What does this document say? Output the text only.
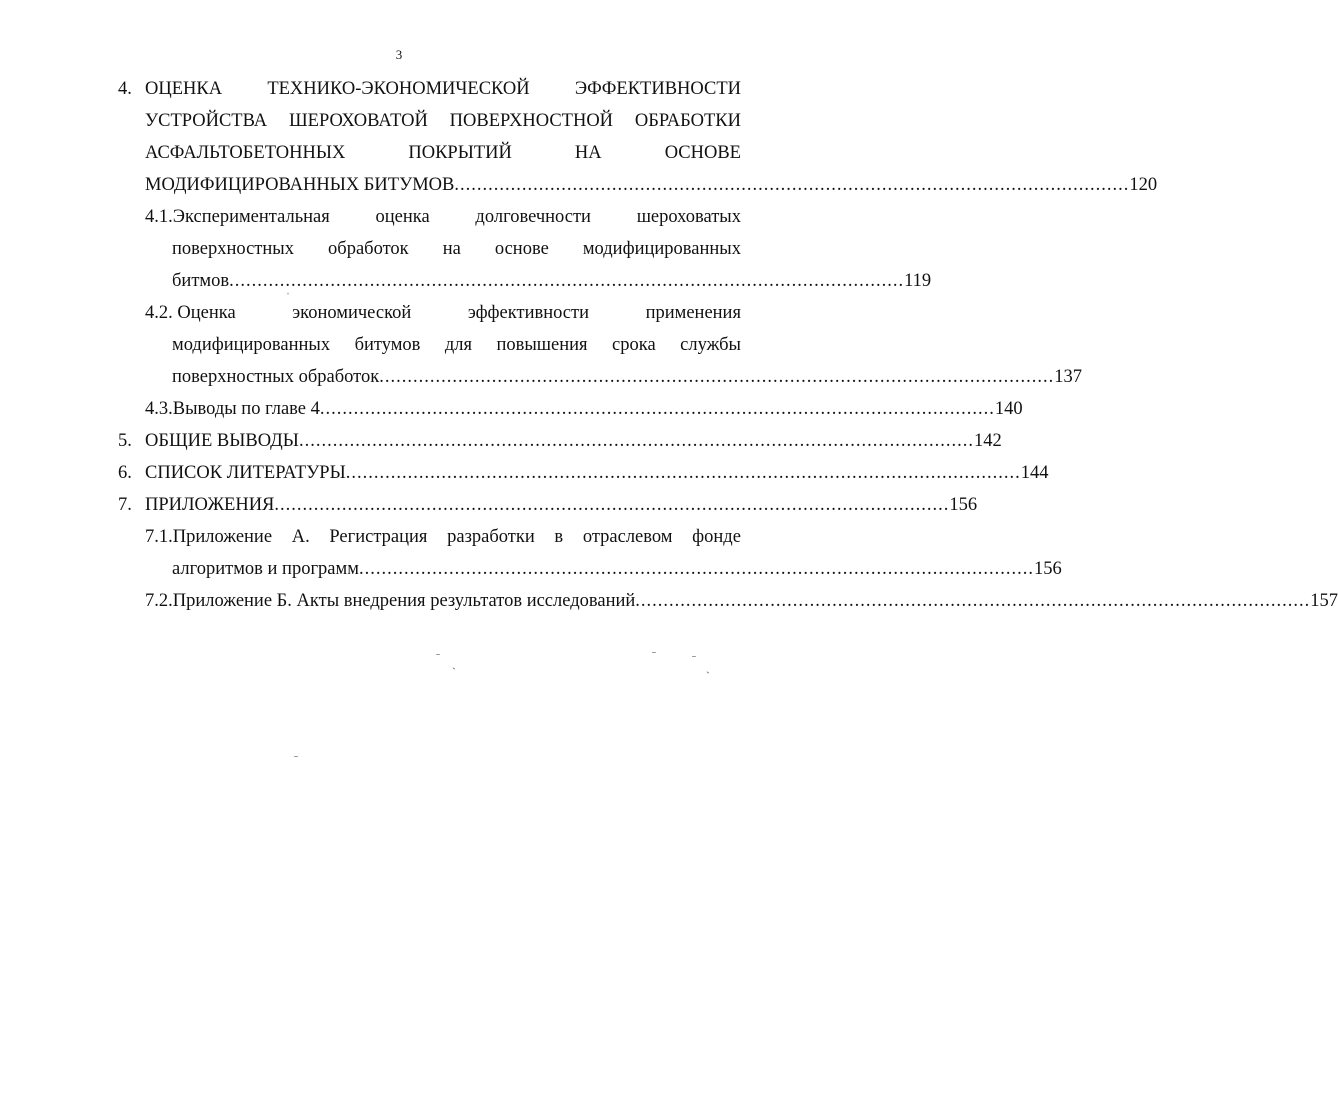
3
4. ОЦЕНКА ТЕХНИКО-ЭКОНОМИЧЕСКОЙ ЭФФЕКТИВНОСТИ
УСТРОЙСТВА ШЕРОХОВАТОЙ ПОВЕРХНОСТНОЙ ОБРАБОТКИ
АСФАЛЬТОБЕТОННЫХ	ПОКРЫТИЙ	НА	ОСНОВЕ
МОДИФИЦИРОВАННЫХ БИТУМОВ ........................................................................................................................ 120
4.1.Экспериментальная оценка долговечности шероховатых
поверхностных обработок на основе модифицированных
битмов ........................................................................................................................ 119
4.2. Оценка	экономической	эффективности	применения
модифицированных битумов для повышения срока службы
поверхностных обработок ........................................................................................................................ 137
4.3.Выводы по главе 4 ........................................................................................................................ 140
5. ОБЩИЕ ВЫВОДЫ ........................................................................................................................ 142
6. СПИСОК ЛИТЕРАТУРЫ ........................................................................................................................ 144
7. ПРИЛОЖЕНИЯ ........................................................................................................................ 156
7.1.Приложение А. Регистрация разработки в отраслевом фонде
алгоритмов и программ ........................................................................................................................ 156
7.2.Приложение Б. Акты внедрения результатов исследований ........................................................................................................................ 157
ˉ ˏ
ˉ	ˉ
ˏ
ˉ
ˈ
